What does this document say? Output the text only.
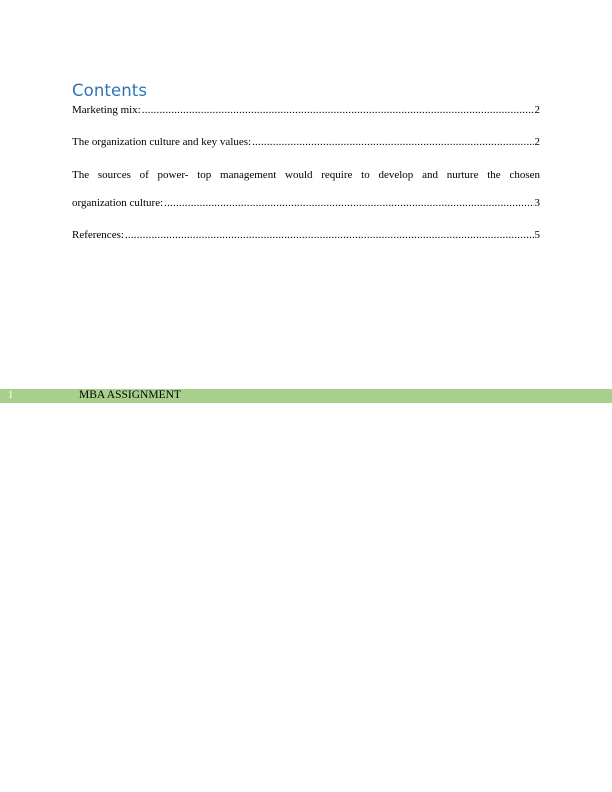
Contents
Marketing mix: .....	2
The organization culture and key values: .....	2
The sources of power- top management would require to develop and nurture the chosen
organization culture: .....	3
References: .....	5
1	MBA ASSIGNMENT
